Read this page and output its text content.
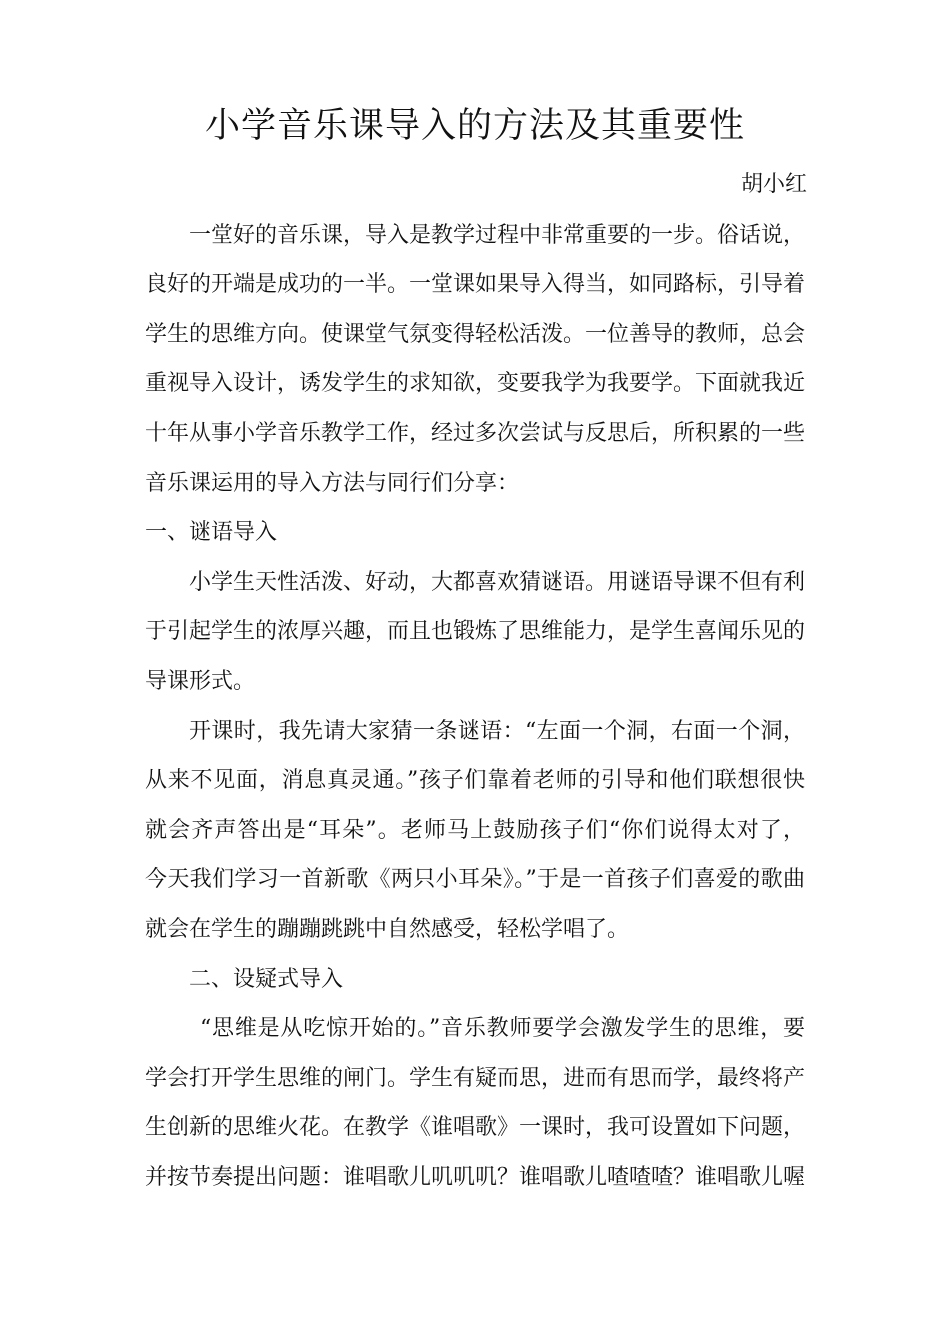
小学音乐课导入的方法及其重要性
胡小红
一堂好的音乐课，导入是教学过程中非常重要的一步。俗话说，
良好的开端是成功的一半。一堂课如果导入得当，如同路标，引导着
学生的思维方向。使课堂气氛变得轻松活泼。一位善导的教师，总会
重视导入设计，诱发学生的求知欲，变要我学为我要学。下面就我近
十年从事小学音乐教学工作，经过多次尝试与反思后，所积累的一些
音乐课运用的导入方法与同行们分享：
一、谜语导入
小学生天性活泼、好动，大都喜欢猜谜语。用谜语导课不但有利
于引起学生的浓厚兴趣，而且也锻炼了思维能力，是学生喜闻乐见的
导课形式。
开课时，我先请大家猜一条谜语：“左面一个洞，右面一个洞，
从来不见面，消息真灵通。”孩子们靠着老师的引导和他们联想很快
就会齐声答出是“耳朵”。老师马上鼓励孩子们“你们说得太对了，
今天我们学习一首新歌《两只小耳朵》。”于是一首孩子们喜爱的歌曲
就会在学生的蹦蹦跳跳中自然感受，轻松学唱了。
二、设疑式导入
“思维是从吃惊开始的。”音乐教师要学会激发学生的思维，要
学会打开学生思维的闸门。学生有疑而思，进而有思而学，最终将产
生创新的思维火花。在教学《谁唱歌》一课时，我可设置如下问题，
并按节奏提出问题：谁唱歌儿叽叽叽？谁唱歌儿喳喳喳？谁唱歌儿喔
